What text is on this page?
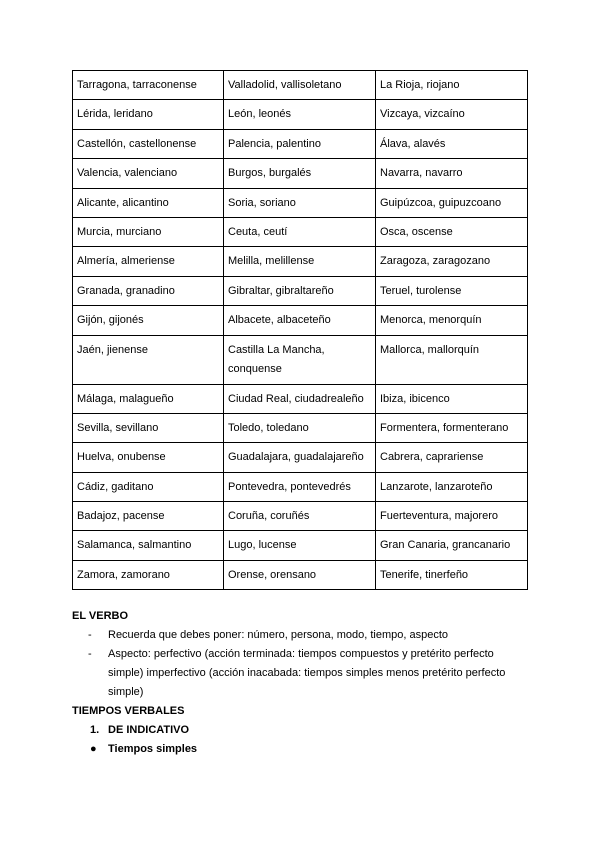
Tarragona, tarraconense	Valladolid, vallisoletano	La Rioja, riojano
Lérida, leridano	León, leonés	Vizcaya, vizcaíno
Castellón, castellonense	Palencia, palentino	Álava, alavés
Valencia, valenciano	Burgos, burgalés	Navarra, navarro
Alicante, alicantino	Soria, soriano	Guipúzcoa, guipuzcoano
Murcia, murciano	Ceuta, ceutí	Osca, oscense
Almería, almeriense	Melilla, melillense	Zaragoza, zaragozano
Granada, granadino	Gibraltar, gibraltareño	Teruel, turolense
Gijón, gijonés	Albacete, albaceteño	Menorca, menorquín
Jaén, jienense	Castilla La Mancha, conquense	Mallorca, mallorquín
Málaga, malagueño	Ciudad Real, ciudadrealeño	Ibiza, ibicenco
Sevilla, sevillano	Toledo, toledano	Formentera, formenterano
Huelva, onubense	Guadalajara, guadalajareño	Cabrera, caprariense
Cádiz, gaditano	Pontevedra, pontevedrés	Lanzarote, lanzaroteño
Badajoz, pacense	Coruña, coruñés	Fuerteventura, majorero
Salamanca, salmantino	Lugo, lucense	Gran Canaria, grancanario
Zamora, zamorano	Orense, orensano	Tenerife, tinerfeño
EL VERBO
- Recuerda que debes poner: número, persona, modo, tiempo, aspecto
- Aspecto: perfectivo (acción terminada: tiempos compuestos y pretérito perfecto simple) imperfectivo (acción inacabada: tiempos simples menos pretérito perfecto simple)
TIEMPOS VERBALES
1. DE INDICATIVO
● Tiempos simples
